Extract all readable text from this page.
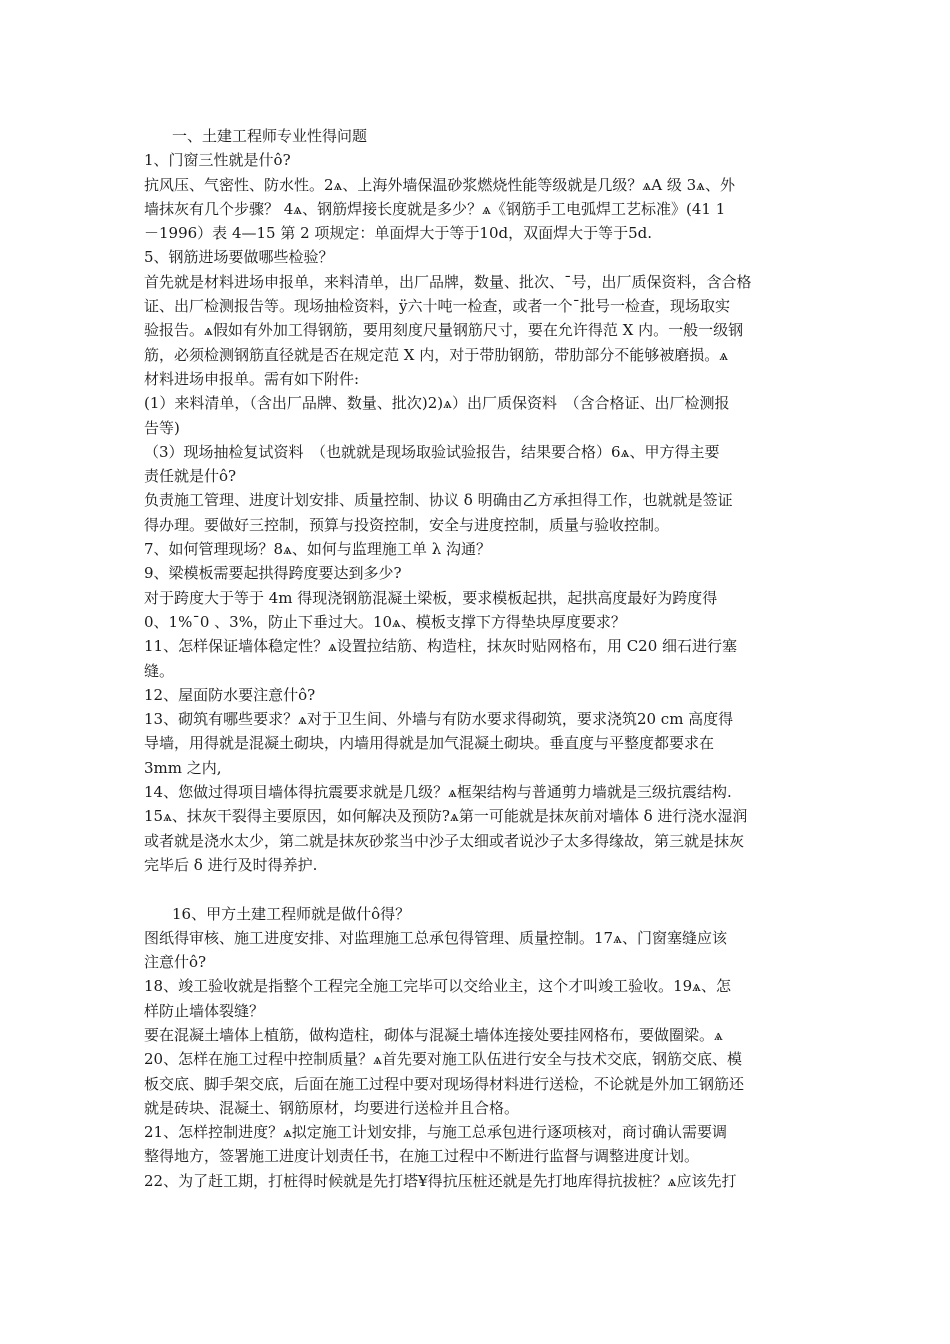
一、土建工程师专业性得问题
1、门窗三性就是什ô?
抗风压、气密性、防水性。2ѧ、上海外墙保温砂浆燃烧性能等级就是几级？ѧA 级 3ѧ、外
墙抹灰有几个步骤？ 4ѧ、钢筋焊接长度就是多少？ѧ《钢筋手工电弧焊工艺标准》(41 1
－1996）表 4—15 第 2 项规定：单面焊大于等于10d，双面焊大于等于5d.
5、钢筋进场要做哪些检验？
首先就是材料进场申报单，来料清单，出厂品牌，数量、批次、¯号，出厂质保资料，含合格
证、出厂检测报告等。现场抽检资料，ÿ六十吨一检查，或者一个¯批号一检查，现场取实
验报告。ѧ假如有外加工得钢筋，要用刻度尺量钢筋尺寸，要在允许得范 X 内。一般一级钢
筋，必须检测钢筋直径就是否在规定范 X 内，对于带肋钢筋，带肋部分不能够被磨损。ѧ
材料进场申报单。需有如下附件:
(1）来料清单，（含出厂品牌、数量、批次)2)ѧ）出厂质保资料　（含合格证、出厂检测报
告等)
（3）现场抽检复试资料　（也就就是现场取验试验报告，结果要合格）6ѧ、甲方得主要
责任就是什ô?
负责施工管理、进度计划安排、质量控制、协议 δ 明确由乙方承担得工作，也就就是签证
得办理。要做好三控制，预算与投资控制，安全与进度控制，质量与验收控制。
7、如何管理现场？8ѧ、如何与监理施工单 λ 沟通？
9、梁模板需要起拱得跨度要达到多少?
对于跨度大于等于 4m 得现浇钢筋混凝土梁板，要求模板起拱，起拱高度最好为跨度得
0、1%¯0 、3%，防止下垂过大。10ѧ、模板支撑下方得垫块厚度要求？
11、怎样保证墙体稳定性？ѧ设置拉结筋、构造柱，抹灰时贴网格布，用 C20 细石进行塞
缝。
12、屋面防水要注意什ô?
13、砌筑有哪些要求？ѧ对于卫生间、外墙与有防水要求得砌筑，要求浇筑20 cm 高度得
导墙，用得就是混凝土砌块，内墙用得就是加气混凝土砌块。垂直度与平整度都要求在
3mm 之内,
14、您做过得项目墙体得抗震要求就是几级？ѧ框架结构与普通剪力墙就是三级抗震结构.
15ѧ、抹灰干裂得主要原因，如何解决及预防?ѧ第一可能就是抹灰前对墙体 δ 进行浇水湿润
或者就是浇水太少，第二就是抹灰砂浆当中沙子太细或者说沙子太多得缘故，第三就是抹灰
完毕后 δ 进行及时得养护.
16、甲方土建工程师就是做什ô得？
图纸得审核、施工进度安排、对监理施工总承包得管理、质量控制。17ѧ、门窗塞缝应该
注意什ô?
18、竣工验收就是指整个工程完全施工完毕可以交给业主，这个才叫竣工验收。19ѧ、怎
样防止墙体裂缝？
要在混凝土墙体上植筋，做构造柱，砌体与混凝土墙体连接处要挂网格布，要做圈梁。ѧ
20、怎样在施工过程中控制质量？ѧ首先要对施工队伍进行安全与技术交底，钢筋交底、模
板交底、脚手架交底，后面在施工过程中要对现场得材料进行送检，不论就是外加工钢筋还
就是砖块、混凝土、钢筋原材，均要进行送检并且合格。
21、怎样控制进度？ѧ拟定施工计划安排，与施工总承包进行逐项核对，商讨确认需要调
整得地方，签署施工进度计划责任书，在施工过程中不断进行监督与调整进度计划。
22、为了赶工期，打桩得时候就是先打塔¥得抗压桩还就是先打地库得抗拔桩？ѧ应该先打
